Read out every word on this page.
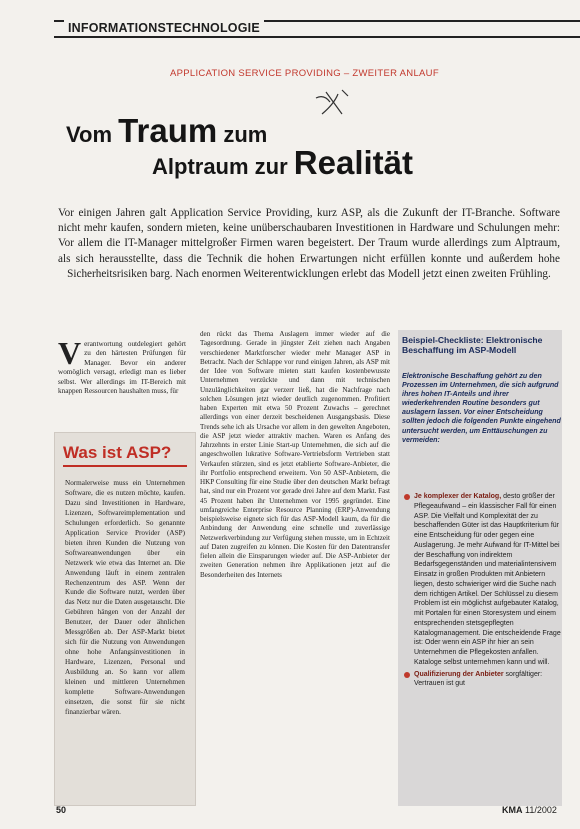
INFORMATIONSTECHNOLOGIE
APPLICATION SERVICE PROVIDING – ZWEITER ANLAUF
Vom Traum zum
Alptraum zur Realität
Vor einigen Jahren galt Application Service Providing, kurz ASP, als die Zukunft der IT-Branche. Software nicht mehr kaufen, sondern mieten, keine unüberschaubaren Investitionen in Hardware und Schulungen mehr: Vor allem die IT-Manager mittelgroßer Firmen waren begeistert. Der Traum wurde allerdings zum Alptraum, als sich herausstellte, dass die Technik die hohen Erwartungen nicht erfüllen konnte und außerdem hohe Sicherheitsrisiken barg. Nach enormen Weiterentwicklungen erlebt das Modell jetzt einen zweiten Frühling.
Verantwortung outdelegiert gehört zu den härtesten Prüfungen für Manager. Bevor ein anderer womöglich versagt, erledigt man es lieber selbst. Wer allerdings im IT-Bereich mit knappen Ressourcen haushalten muss, für
Was ist ASP?
Normalerweise muss ein Unternehmen Software, die es nutzen möchte, kaufen. Dazu sind Investitionen in Hardware, Lizenzen, Softwareimplementation und Schulungen erforderlich. So genannte Application Service Provider (ASP) bieten ihren Kunden die Nutzung von Softwareanwendungen über ein Netzwerk wie etwa das Internet an. Die Anwendung läuft in einem zentralen Rechenzentrum des ASP. Wenn der Kunde die Software nutzt, werden über das Netz nur die Daten ausgetauscht. Die Gebühren hängen von der Anzahl der Benutzer, der Dauer oder ähnlichen Messgrößen ab. Der ASP-Markt bietet sich für die Nutzung von Anwendungen ohne hohe Anfangsinvestitionen in Hardware, Lizenzen, Personal und Ausbildung an. So kann vor allem kleinen und mittleren Unternehmen komplette Software-Anwendungen einsetzen, die sonst für sie nicht finanzierbar wären.
den rückt das Thema Auslagern immer wieder auf die Tagesordnung. Gerade in jüngster Zeit ziehen nach Angaben verschiedener Marktforscher wieder mehr Manager ASP in Betracht. Nach der Schlappe vor rund einigen Jahren, als ASP mit der Idee von Software mieten statt kaufen kostenbewusste Unternehmen verzückte und dann mit technischen Unzulänglichkeiten gar verzerr ließ, hat die Nachfrage nach solchen Lösungen jetzt wieder deutlich zugenommen. Profitiert haben Experten mit etwa 50 Prozent Zuwachs – gerechnet allerdings von einer derzeit bescheidenen Ausgangsbasis. Diese Trends sehe ich als Ursache vor allem in den gewelten Angeboten, die ASP jetzt wieder attraktiv machen. Waren es Anfang des Jahrzehnts in erster Linie Start-up Unternehmen, die sich auf die angeschwollen lukrative Software-Vertriebsform Vertrieben statt Verkaufen stürzten, sind es jetzt etablierte Software-Anbieter, die ihr Portfolio entsprechend erweitern. Von 50 ASP-Anbietern, die HKP Consulting für eine Studie über den deutschen Markt befragt hat, sind nur ein Prozent vor gerade drei Jahre auf dem Markt. Fast 45 Prozent haben ihr Unternehmen vor 1995 gegründet. Eine umfangreiche Enterprise Resource Planning (ERP)-Anwendung beispielsweise eignete sich für das ASP-Modell kaum, da für die Anbindung der Anwendung eine schnelle und zuverlässige Netzwerkverbindung zur Verfügung stehen musste, um in Echtzeit auf Daten zugreifen zu können. Die Kosten für den Datentransfer fielen allein die Einsparungen wieder auf. Die ASP-Anbieter der zweiten Generation nehmen ihre Applikationen jetzt auf die Besonderheiten des Internets
Beispiel-Checkliste: Elektronische Beschaffung im ASP-Modell
Elektronische Beschaffung gehört zu den Prozessen im Unternehmen, die sich aufgrund ihres hohen IT-Anteils und ihrer wiederkehrenden Routine besonders gut auslagern lassen. Vor einer Entscheidung sollten jedoch die folgenden Punkte eingehend untersucht werden, um Enttäuschungen zu vermeiden:
Je komplexer der Katalog, desto größer der Pflegeaufwand – ein klassischer Fall für einen ASP. Die Vielfalt und Komplexität der zu beschaffenden Güter ist das Hauptkriterium für eine Entscheidung für oder gegen eine Auslagerung. Je mehr Aufwand für IT-Mittel bei der Beschaffung von indirektem Bedarfsgegenständen und materialintensivem Einsatz in großen Produkten mit Anbietern liegen, desto schwieriger wird die Suche nach dem richtigen Artikel. Der Schlüssel zu diesem Problem ist ein möglichst aufgebauter Katalog, mit Portalen für einen Storesystem und einem entsprechenden stetsgepflegten Katalogmanagement. Die entscheidende Frage ist: Oder wenn ein ASP ihr hier an sein Unternehmen die Pflegekosten anfallen. Kataloge selbst unternehmen kann und will.
Qualifizierung der Anbieter sorgfältiger: Vertrauen ist gut
50	KMA 11/2002
